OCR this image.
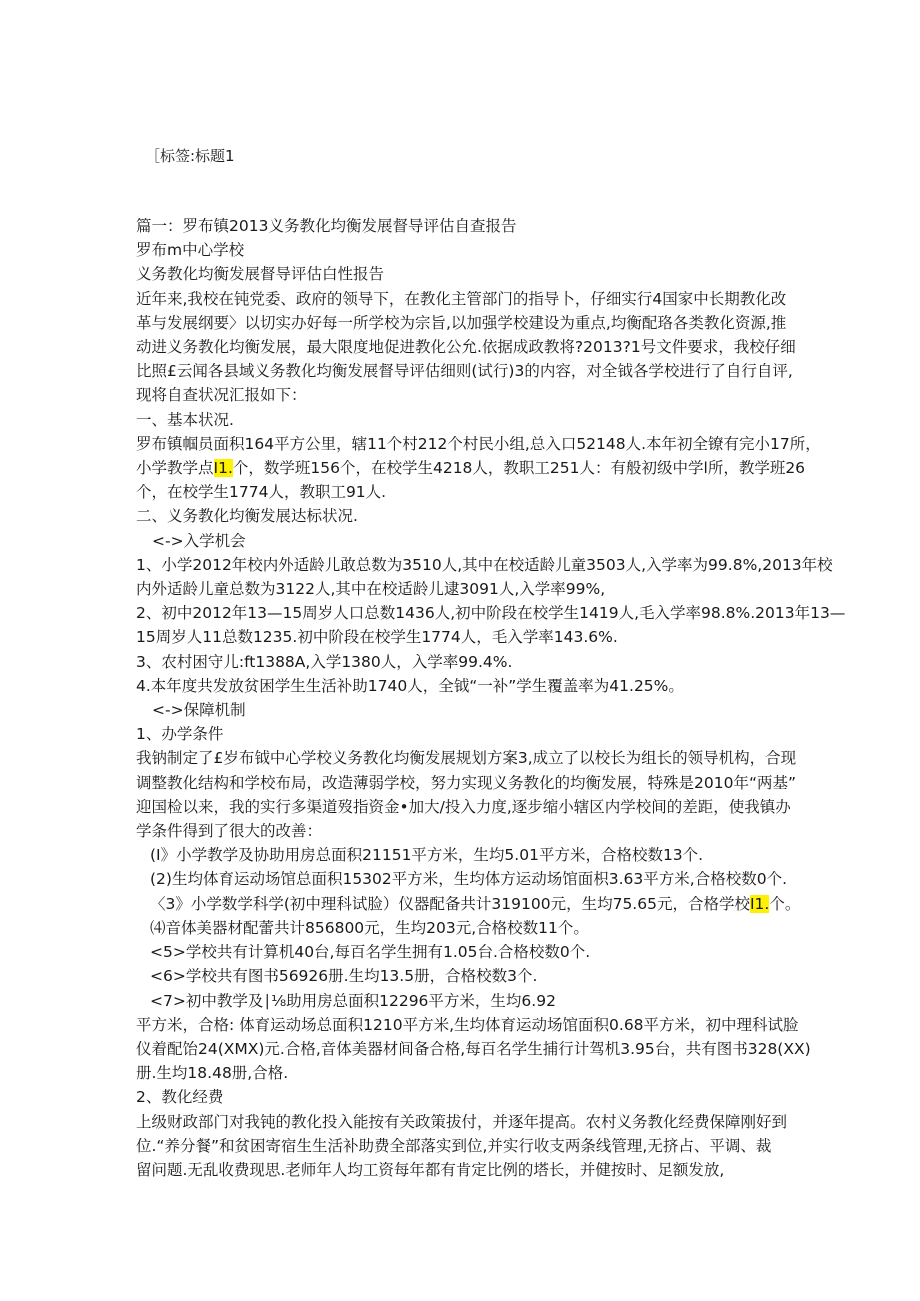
［标签:标题1

篇一：罗布镇2013义务教化均衡发展督导评估自查报告

罗布m中心学校

义务教化均衡发展督导评估白性报告

近年来,我校在钝党委、政府的领导下，在教化主管部门的指导卜，仔细实行4国家中长期教化改

革与发展纲要〉以切实办好每一所学校为宗旨,以加强学校建设为重点,均衡配珞各类教化资源,推

动进义务教化均衡发展，最大限度地促进教化公允.依据成政教将?2013?1号文件要求，我校仔细

比照£云闻各县域义务教化均衡发展督导评估细则(试行)3的内容，对全钺各学校进行了自行自评,

现将自查状况汇报如下：

一、基本状况.

罗布镇帼员面积164平方公里，辖11个村212个村民小组,总入口52148人.本年初全镣有完小17所，

小学教学点I1.个，数学班156个，在校学生4218人，教职工251人：有般初级中学l所，教学班26

个，在校学生1774人，教职工91人.

二、义务教化均衡发展达标状况.

<->入学机会

1、小学2012年校内外适龄儿敢总数为3510人,其中在校适龄儿童3503人,入学率为99.8%,2013年校

内外适龄儿童总数为3122人,其中在校适龄儿逮3091人,入学率99%,

2、初中2012年13—15周岁人口总数1436人,初中阶段在校学生1419人,毛入学率98.8%.2013年13—

15周岁人11总数1235.初中阶段在校学生1774人，毛入学率143.6%.

3、农村困守儿:ft1388A,入学1380人，入学率99.4%.

4.本年度共发放贫困学生生活补助1740人，全钺“一补”学生覆盖率为41.25%。

<->保障机制

1、办学条件

我钠制定了£岁布钺中心学校义务教化均衡发展规划方案3,成立了以校长为组长的领导机构，合现

调整教化结构和学校布局，改造薄弱学校，努力实现义务教化的均衡发展，特殊是2010年“两基”

迎国检以来，我的实行多渠道歿指资金•加大/投入力度,逐步缩小辖区内学校间的差距，使我镇办

学条件得到了很大的改善：

(I》小学教学及协助用房总面积21151平方米，生均5.01平方米，合格校数13个.

(2)生均体育运动场馆总面积15302平方米，生均体方运动场馆面枳3.63平方米,合格校数0个.

〈3》小学数学科学(初中理科试脸）仪器配备共计319100元，生均75.65元，合格学校I1.个。

⑷音体美器材配蕾共计856800元，生均203元,合格校数11个。

<5>学校共有计算机40台,每百名学生拥有1.05台.合格校数0个.

<6>学校共有图书56926册.生均13.5册，合格校数3个.

<7>初中教学及∣⅛助用房总面积12296平方米，生均6.92

平方米，合格: 体育运动场总面积1210平方米,生均体育运动场馆面积0.68平方米，初中理科试脸

仪着配饴24(XMX)元.合格,音体美器材间备合格,每百名学生捕行计驾机3.95台，共有图书328(XX)

册.生均18.48册,合格.

2、教化经费

上级财政部门对我钝的教化投入能按有关政策拔付，并逐年提高。农村义务教化经费保障刚好到

位.“养分餐”和贫困寄宿生生活补助费全部落实到位,并实行收支两条线管理,无挤占、平调、裁

留问题.无乱收费现思.老师年人均工资每年都有肯定比例的塔长，并健按时、足额发放,
